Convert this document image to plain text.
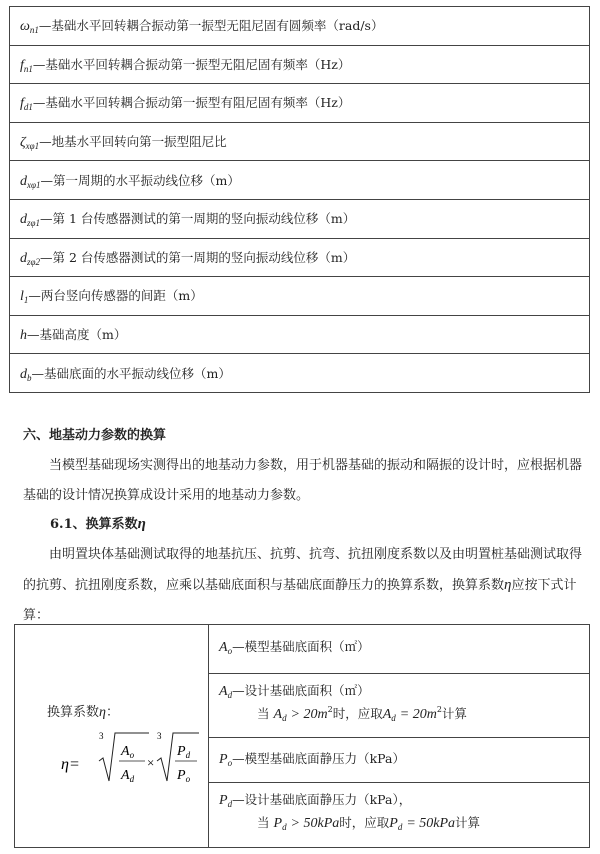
$\omega_{n1}—$基础水平回转耦合振动第一振型无阻尼固有圆频率（rad/s）
$f_{n1}—$基础水平回转耦合振动第一振型无阻尼固有频率（Hz）
$f_{d1}—$基础水平回转耦合振动第一振型有阻尼固有频率（Hz）
$\zeta_{x\varphi 1}—$地基水平回转向第一振型阻尼比
$d_{x\varphi 1}—$第一周期的水平振动线位移（m）
$d_{z\varphi 1}—$第 1 台传感器测试的第一周期的竖向振动线位移（m）
$d_{z\varphi 2}—$第 2 台传感器测试的第一周期的竖向振动线位移（m）
$l_1—$两台竖向传感器的间距（m）
h—基础高度（m）
$d_b—$基础底面的水平振动线位移（m）
六、地基动力参数的换算
当模型基础现场实测得出的地基动力参数，用于机器基础的振动和隔振的设计时，应根据机器基础的设计情况换算成设计采用的地基动力参数。
6.1、换算系数η
由明置块体基础测试取得的地基抗压、抗剪、抗弯、抗扭刚度系数以及由明置桩基础测试取得的抗剪、抗扭刚度系数，应乘以基础底面积与基础底面静压力的换算系数，换算系数η应按下式计算：
换算系数η：
η=
3
$A_o$
$A_d$
×
3
$P_d$
$P_o$
$A_o—$模型基础底面积（㎡）
$A_d—$设计基础底面积（㎡）
当 $A_d > 20m^2$时，应取$A_d = 20m^2$计算
$P_o—$模型基础底面静压力（kPa）
$P_d—$设计基础底面静压力（kPa），
当 $P_d > 50kPa$时，应取$P_d = 50kPa$计算
